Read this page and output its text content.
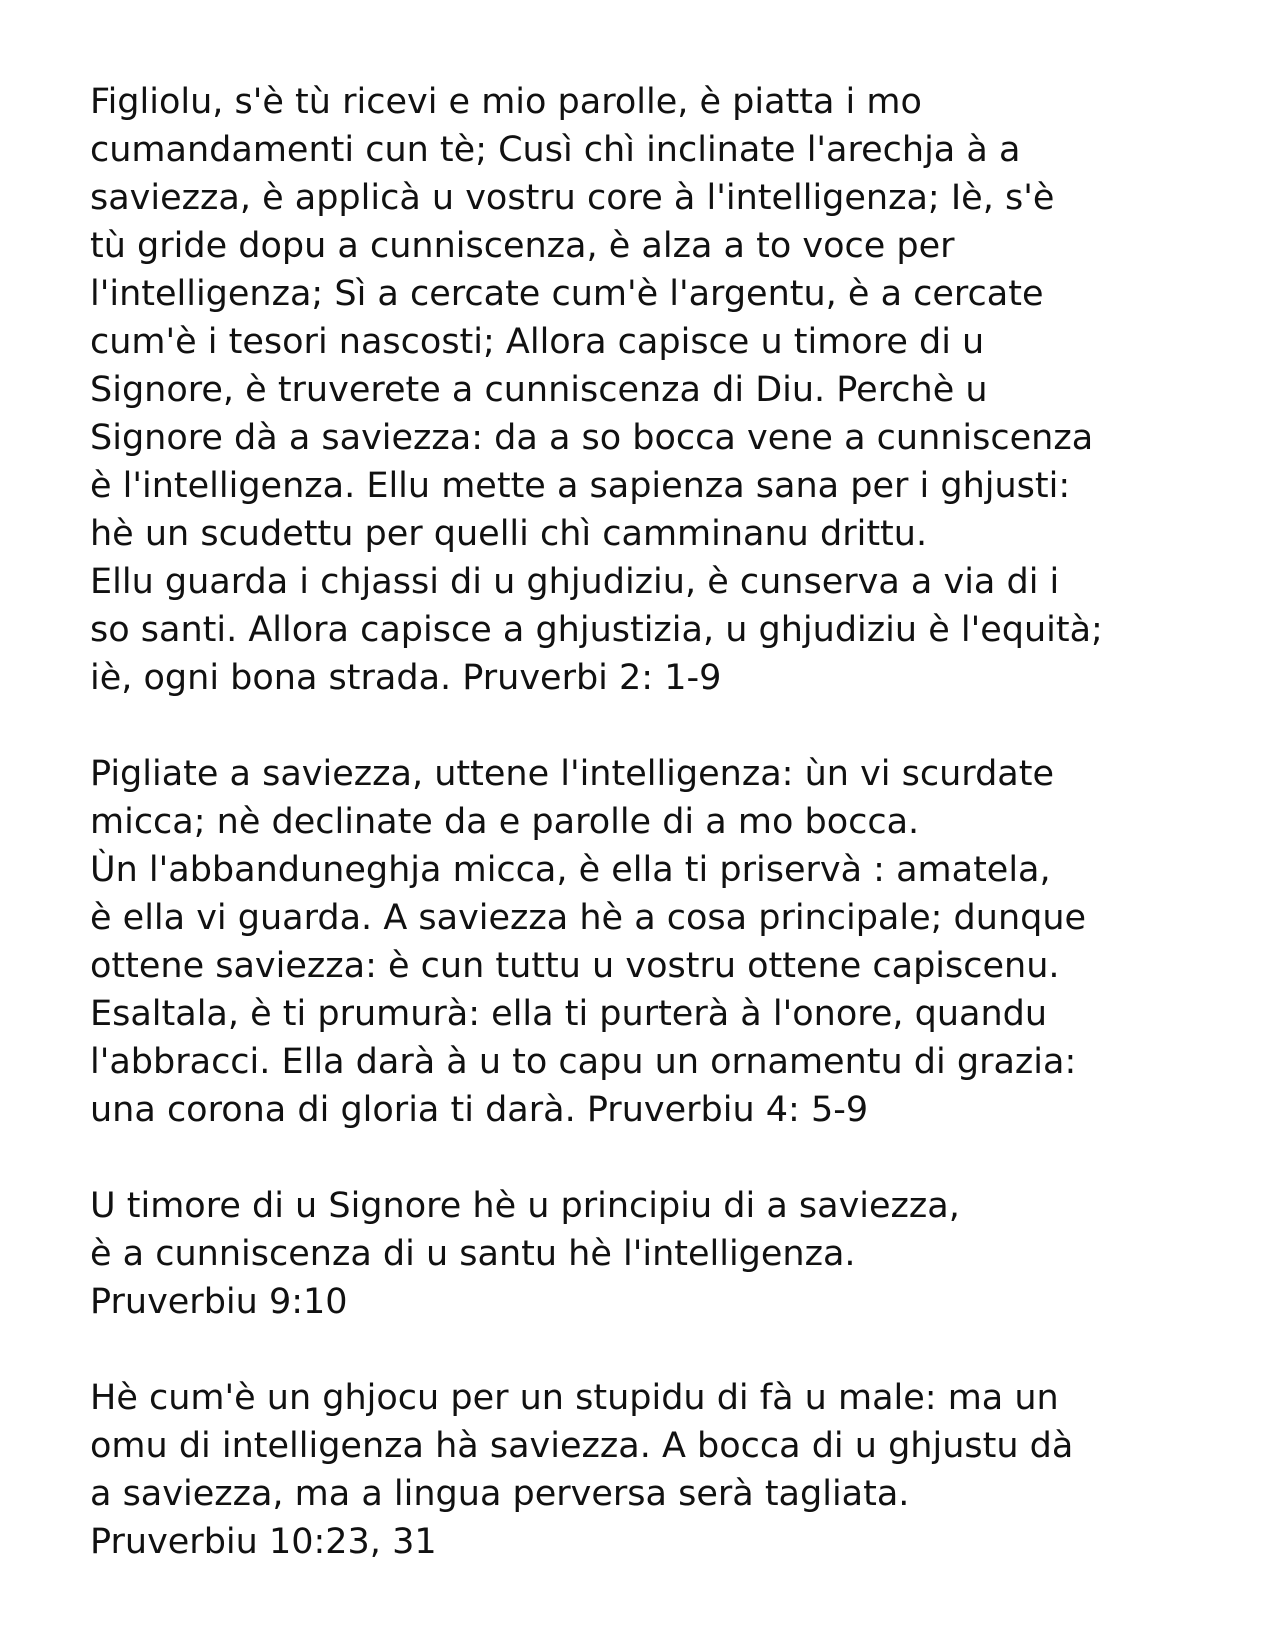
Figliolu, s'è tù ricevi e mio parolle, è piatta i mo
cumandamenti cun tè; Cusì chì inclinate l'arechja à a
saviezza, è applicà u vostru core à l'intelligenza; Iè, s'è
tù gride dopu a cunniscenza, è alza a to voce per
l'intelligenza; Sì a cercate cum'è l'argentu, è a cercate
cum'è i tesori nascosti; Allora capisce u timore di u
Signore, è truverete a cunniscenza di Diu. Perchè u
Signore dà a saviezza: da a so bocca vene a cunniscenza
è l'intelligenza. Ellu mette a sapienza sana per i ghjusti:
hè un scudettu per quelli chì camminanu drittu.
Ellu guarda i chjassi di u ghjudiziu, è cunserva a via di i
so santi. Allora capisce a ghjustizia, u ghjudiziu è l'equità;
iè, ogni bona strada. Pruverbi 2: 1-9
Pigliate a saviezza, uttene l'intelligenza: ùn vi scurdate
micca; nè declinate da e parolle di a mo bocca.
Ùn l'abbanduneghja micca, è ella ti priservà : amatela,
è ella vi guarda. A saviezza hè a cosa principale; dunque
ottene saviezza: è cun tuttu u vostru ottene capiscenu.
Esaltala, è ti prumurà: ella ti purterà à l'onore, quandu
l'abbracci. Ella darà à u to capu un ornamentu di grazia:
una corona di gloria ti darà. Pruverbiu 4: 5-9
U timore di u Signore hè u principiu di a saviezza,
è a cunniscenza di u santu hè l'intelligenza.
Pruverbiu 9:10
Hè cum'è un ghjocu per un stupidu di fà u male: ma un
omu di intelligenza hà saviezza. A bocca di u ghjustu dà
a saviezza, ma a lingua perversa serà tagliata.
Pruverbiu 10:23, 31
